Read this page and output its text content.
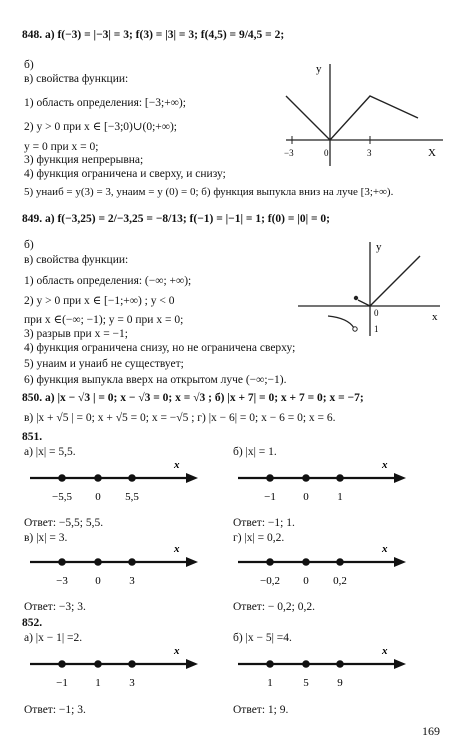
848. а) f(−3) = |−3| = 3; f(3) = |3| = 3; f(4,5) = 9/4,5 = 2;
б)
в) свойства функции:
1) область определения: [−3;+∞);
2) y > 0 при x ∈ [−3;0)∪(0;+∞);
y = 0 при x = 0;
3) функция непрерывна;
4) функция ограничена и сверху, и снизу;
5) yнаиб = y(3) = 3, yнаим = y (0) = 0; б) функция выпукла вниз на луче [3;+∞).
y
X
−3	0	3
849. а) f(−3,25) = 2/−3,25 = −8/13; f(−1) = |−1| = 1; f(0) = |0| = 0;
б)
в) свойства функции:
1) область определения: (−∞; +∞);
2) y > 0 при x ∈ [−1;+∞) ; y < 0
при x ∈(−∞; −1); y = 0 при x = 0;
3) разрыв при x = −1;
4) функция ограничена снизу, но не ограничена сверху;
5) yнаим и yнаиб не существует;
6) функция выпукла вверх на открытом луче (−∞;−1).
y
x
0
1
850. а) |x − √3 | = 0; x − √3 = 0; x = √3 ; б) |x + 7| = 0; x + 7 = 0; x = −7;
в) |x + √5 | = 0; x + √5 = 0; x = −√5 ; г) |x − 6| = 0; x − 6 = 0; x = 6.
851.
а) |x| = 5,5.	б) |x| = 1.
x
−5,5 0 5,5
x
−1 0	1
Ответ: −5,5; 5,5.	Ответ: −1; 1.
в) |x| = 3.	г) |x| = 0,2.
x
−3 0	3
x
−0,2 0 0,2
Ответ: −3; 3.	Ответ: − 0,2; 0,2.
852.
а) |x − 1| =2.	б) |x − 5| =4.
x
−1 1	3
x
1	5	9
Ответ: −1; 3.	Ответ: 1; 9.
169
